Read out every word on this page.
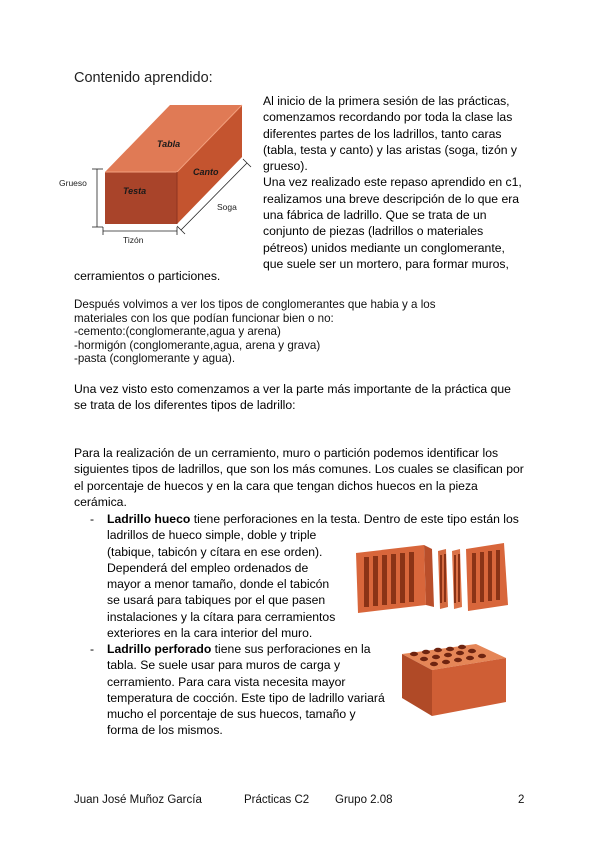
Contenido aprendido:
Tabla
Canto
Testa
Grueso
Tizón
Soga

Al inicio de la primera sesión de las prácticas, comenzamos recordando por toda la clase las diferentes partes de los ladrillos, tanto caras (tabla, testa y canto) y las aristas (soga, tizón y grueso).

Una vez realizado este repaso aprendido en c1, realizamos una breve descripción de lo que era una fábrica de ladrillo. Que se trata de un conjunto de piezas (ladrillos o materiales pétreos) unidos mediante un conglomerante, que suele ser un mortero, para formar muros,

cerramientos o particiones.
Después volvimos a ver los tipos de conglomerantes que habia y a los
materiales con los que podían funcionar bien o no:
-cemento:(conglomerante,agua y arena)
-hormigón (conglomerante,agua, arena y grava)
-pasta (conglomerante y agua).
Una vez visto esto comenzamos a ver la parte más importante de la práctica que se trata de los diferentes tipos de ladrillo:
Para la realización de un cerramiento, muro o partición podemos identificar los siguientes tipos de ladrillos, que son los más comunes. Los cuales se clasifican por el porcentaje de huecos y en la cara que tengan dichos huecos en la pieza cerámica.
- Ladrillo hueco tiene perforaciones en la testa. Dentro de este tipo están los
ladrillos de hueco simple, doble y triple
(tabique, tabicón y cítara en ese orden).
Dependerá del empleo ordenados de
mayor a menor tamaño, donde el tabicón
se usará para tabiques por el que pasen
instalaciones y la cítara para cerramientos
exteriores en la cara interior del muro.
- Ladrillo perforado tiene sus perforaciones en la
tabla. Se suele usar para muros de carga y
cerramiento. Para cara vista necesita mayor
temperatura de cocción. Este tipo de ladrillo variará
mucho el porcentaje de sus huecos, tamaño y
forma de los mismos.
Juan José Muñoz García	Prácticas C2 Grupo 2.08	2
